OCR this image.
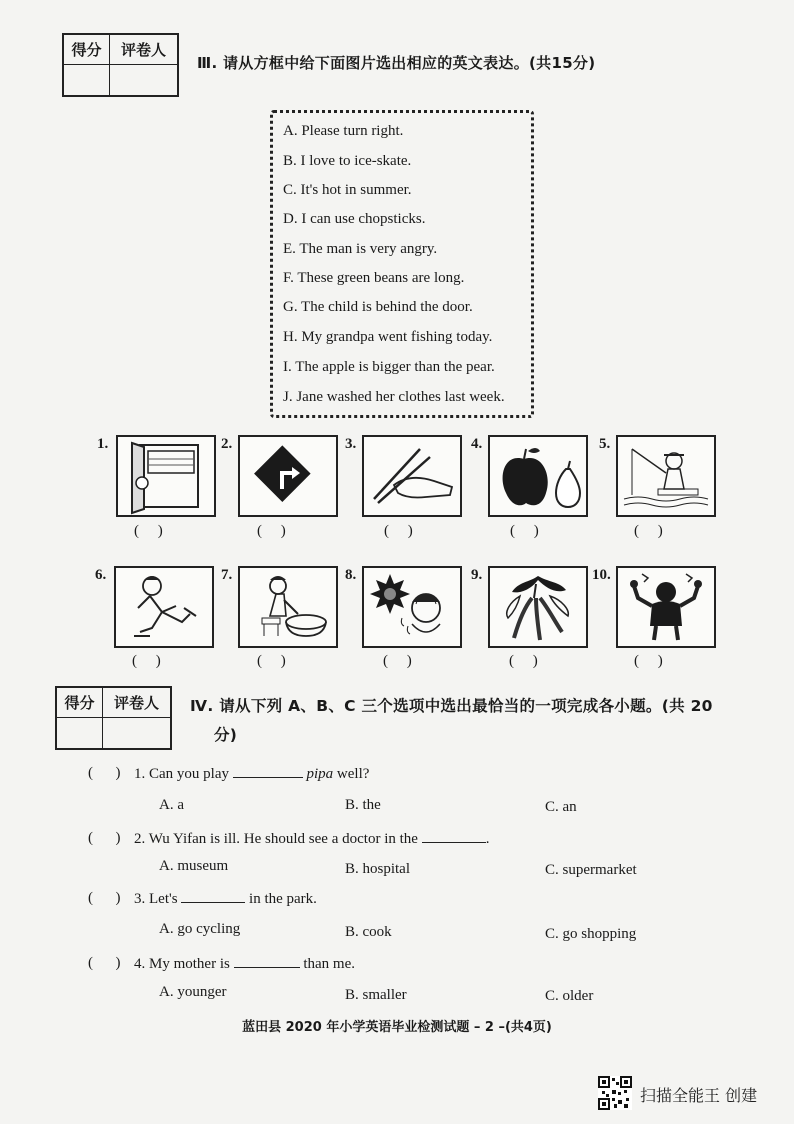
得分	评卷人

Ⅲ. 请从方框中给下面图片选出相应的英文表达。(共15分)
A. Please turn right.
B. I love to ice-skate.
C. It's hot in summer.
D. I can use chopsticks.
E. The man is very angry.
F. These green beans are long.
G. The child is behind the door.
H. My grandpa went fishing today.
I. The apple is bigger than the pear.
J. Jane washed her clothes last week.
1.	2.	3.	4.	5.
(     )	(     )	(     )	(     )	(     )
6.	7.	8.	9.	10.
(     )	(     )	(     )	(     )	(     )
得分	评卷人
	Ⅳ. 请从下列 A、B、C 三个选项中选出最恰当的一项完成各小题。(共 20
分)
(      ) 1. Can you play	pipa well?
A. a	B. the	C. an
(      ) 2. Wu Yifan is ill. He should see a doctor in the	.
A. museum	B. hospital	C. supermarket
(      ) 3. Let's	in the park.
A. go cycling	B. cook	C. go shopping
(      ) 4. My mother is	than me.
A. younger	B. smaller	C. older
蓝田县 2020 年小学英语毕业检测试题 – 2 –(共4页)
扫描全能王 创建
